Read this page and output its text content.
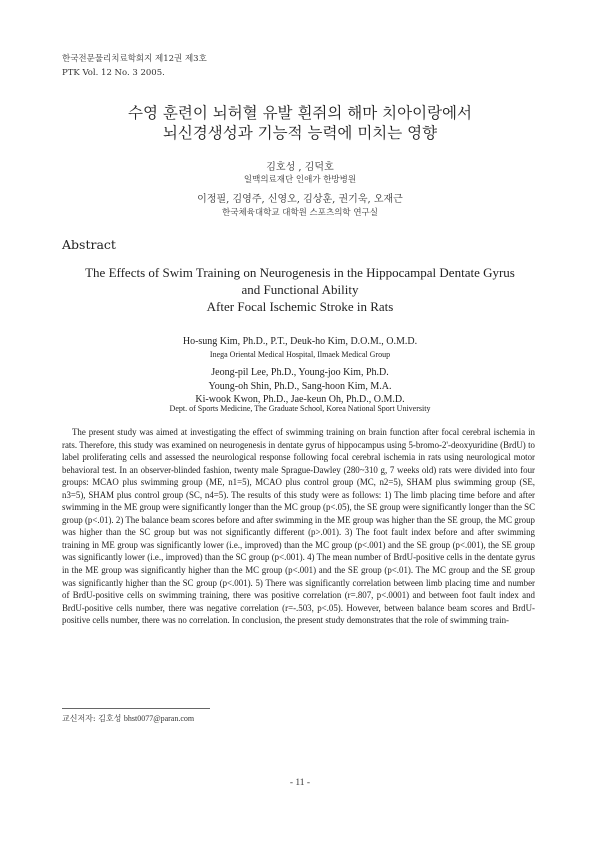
한국전문물리치료학회지 제12권 제3호
PTK Vol. 12 No. 3 2005.
수영 훈련이 뇌허혈 유발 흰쥐의 해마 치아이랑에서
뇌신경생성과 기능적 능력에 미치는 영향
김호성 , 김덕호
일맥의료재단 인애가 한방병원
이정필, 김영주, 신영오, 김상훈, 권기욱, 오재근
한국체육대학교 대학원 스포츠의학 연구실
Abstract
The Effects of Swim Training on Neurogenesis in the Hippocampal Dentate Gyrus
and Functional Ability
After Focal Ischemic Stroke in Rats
Ho-sung Kim, Ph.D., P.T., Deuk-ho Kim, D.O.M., O.M.D.
Inega Oriental Medical Hospital, Ilmaek Medical Group
Jeong-pil Lee, Ph.D., Young-joo Kim, Ph.D.
Young-oh Shin, Ph.D., Sang-hoon Kim, M.A.
Ki-wook Kwon, Ph.D., Jae-keun Oh, Ph.D., O.M.D.
Dept. of Sports Medicine, The Graduate School, Korea National Sport University

The present study was aimed at investigating the effect of swimming training on brain function after focal cerebral ischemia in rats. Therefore, this study was examined on neurogenesis in dentate gyrus of hippocampus using 5-bromo-2'-deoxyuridine (BrdU) to label proliferating cells and assessed the neurological response following focal cerebral ischemia in rats using neurological motor behavioral test. In an observer-blinded fashion, twenty male Sprague-Dawley (280~310 g, 7 weeks old) rats were divided into four groups: MCAO plus swimming group (ME, n1=5), MCAO plus control group (MC, n2=5), SHAM plus swimming group (SE, n3=5), SHAM plus control group (SC, n4=5). The results of this study were as follows: 1) The limb placing time before and after swimming in the ME group were significantly longer than the MC group (p<.05), the SE group were significantly longer than the SC group (p<.01). 2) The balance beam scores before and after swimming in the ME group was higher than the SE group, the MC group was higher than the SC group but was not significantly different (p>.001). 3) The foot fault index before and after swimming training in ME group was significantly lower (i.e., improved) than the MC group (p<.001) and the SE group (p<.001), the SE group was significantly lower (i.e., improved) than the SC group (p<.001). 4) The mean number of BrdU-positive cells in the dentate gyrus in the ME group was significantly higher than the MC group (p<.001) and the SE group (p<.01). The MC group and the SE group was significantly higher than the SC group (p<.001). 5) There was significantly correlation between limb placing time and number of BrdU-positive cells on swimming training, there was positive correlation (r=.807, p<.0001) and between foot fault index and BrdU-positive cells number, there was negative correlation (r=-.503, p<.05). However, between balance beam scores and BrdU-positive cells number, there was no correlation. In conclusion, the present study demonstrates that the role of swimming train-

교신저자: 김호성 bhst0077@paran.com
- 11 -
